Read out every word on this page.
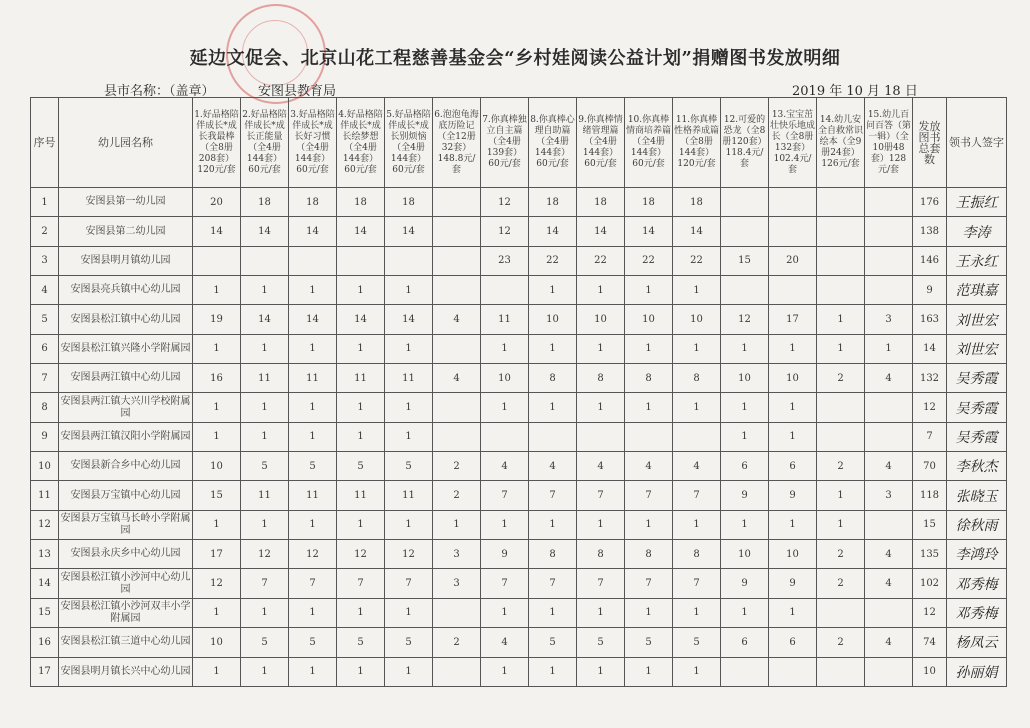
延边文促会、北京山花工程慈善基金会“乡村娃阅读公益计划”捐赠图书发放明细
县市名称：（盖章）	安图县教育局	2019 年 10 月 18 日
序号	幼儿园名称	1.好品格陪伴成长*成长我最棒（全8册208套）120元/套	2.好品格陪伴成长*成长正能量（全4册144套）60元/套	3.好品格陪伴成长*成长好习惯（全4册144套）60元/套	4.好品格陪伴成长*成长绘梦想（全4册144套）60元/套	5.好品格陪伴成长*成长别烦恼（全4册144套）60元/套	6.泡泡龟海底历险记（全12册32套）148.8元/套	7.你真棒独立自主篇（全4册139套）60元/套	8.你真棒心理自助篇（全4册144套）60元/套	9.你真棒情绪管理篇（全4册144套）60元/套	10.你真棒 情商培养篇（全4册144套）60元/套	11.你真棒 性格养成篇（全8册144套）120元/套	12.可爱的恐龙（全8册120套）118.4元/套	13.宝宝茁壮快乐地成长（全8册132套）102.4元/套	14.幼儿安全自救常识绘本（全9册24套）126元/套	15.幼儿百问百答（第一辑）（全10册48套）128元/套	发放图书总套数	领书人签字
1	安图县第一幼儿园	20	18	18	18	18		12	18	18	18	18					176	王振红
2	安图县第二幼儿园	14	14	14	14	14		12	14	14	14	14					138	李涛
3	安图县明月镇幼儿园							23	22	22	22	22	15	20			146	王永红
4	安图县亮兵镇中心幼儿园	1	1	1	1	1			1	1	1	1					9	范琪嘉
5	安图县松江镇中心幼儿园	19	14	14	14	14	4	11	10	10	10	10	12	17	1	3	163	刘世宏
6	安图县松江镇兴隆小学附属园	1	1	1	1	1		1	1	1	1	1	1	1	1	1	14	刘世宏
7	安图县两江镇中心幼儿园	16	11	11	11	11	4	10	8	8	8	8	10	10	2	4	132	吴秀霞
8	安图县两江镇大兴川学校附属园	1	1	1	1	1		1	1	1	1	1	1	1			12	吴秀霞
9	安图县两江镇汉阳小学附属园	1	1	1	1	1							1	1			7	吴秀霞
10	安图县新合乡中心幼儿园	10	5	5	5	5	2	4	4	4	4	4	6	6	2	4	70	李秋杰
11	安图县万宝镇中心幼儿园	15	11	11	11	11	2	7	7	7	7	7	9	9	1	3	118	张晓玉
12	安图县万宝镇马长岭小学附属园	1	1	1	1	1	1	1	1	1	1	1	1	1	1		15	徐秋雨
13	安图县永庆乡中心幼儿园	17	12	12	12	12	3	9	8	8	8	8	10	10	2	4	135	李鸿玲
14	安图县松江镇小沙河中心幼儿园	12	7	7	7	7	3	7	7	7	7	7	9	9	2	4	102	邓秀梅
15	安图县松江镇小沙河双丰小学附属园	1	1	1	1	1		1	1	1	1	1	1	1			12	邓秀梅
16	安图县松江镇三道中心幼儿园	10	5	5	5	5	2	4	5	5	5	5	6	6	2	4	74	杨凤云
17	安图县明月镇长兴中心幼儿园	1	1	1	1	1		1	1	1	1	1					10	孙丽娟
